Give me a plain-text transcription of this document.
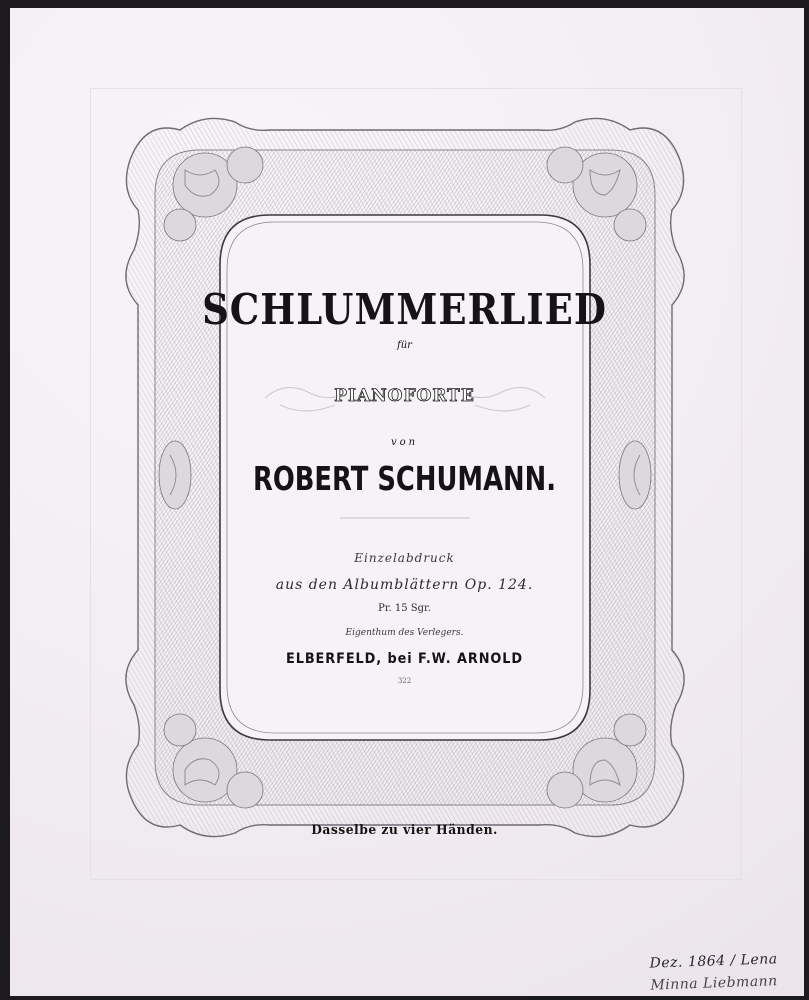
SCHLUMMERLIED
für
PIANOFORTE
von
ROBERT SCHUMANN.
Einzelabdruck
aus den Albumblättern Op. 124.
Pr. 15 Sgr.
Eigenthum des Verlegers.
ELBERFELD, bei F.W. ARNOLD
322
Dasselbe zu vier Händen.
Dez. 1864 / Lena
Minna Liebmann
